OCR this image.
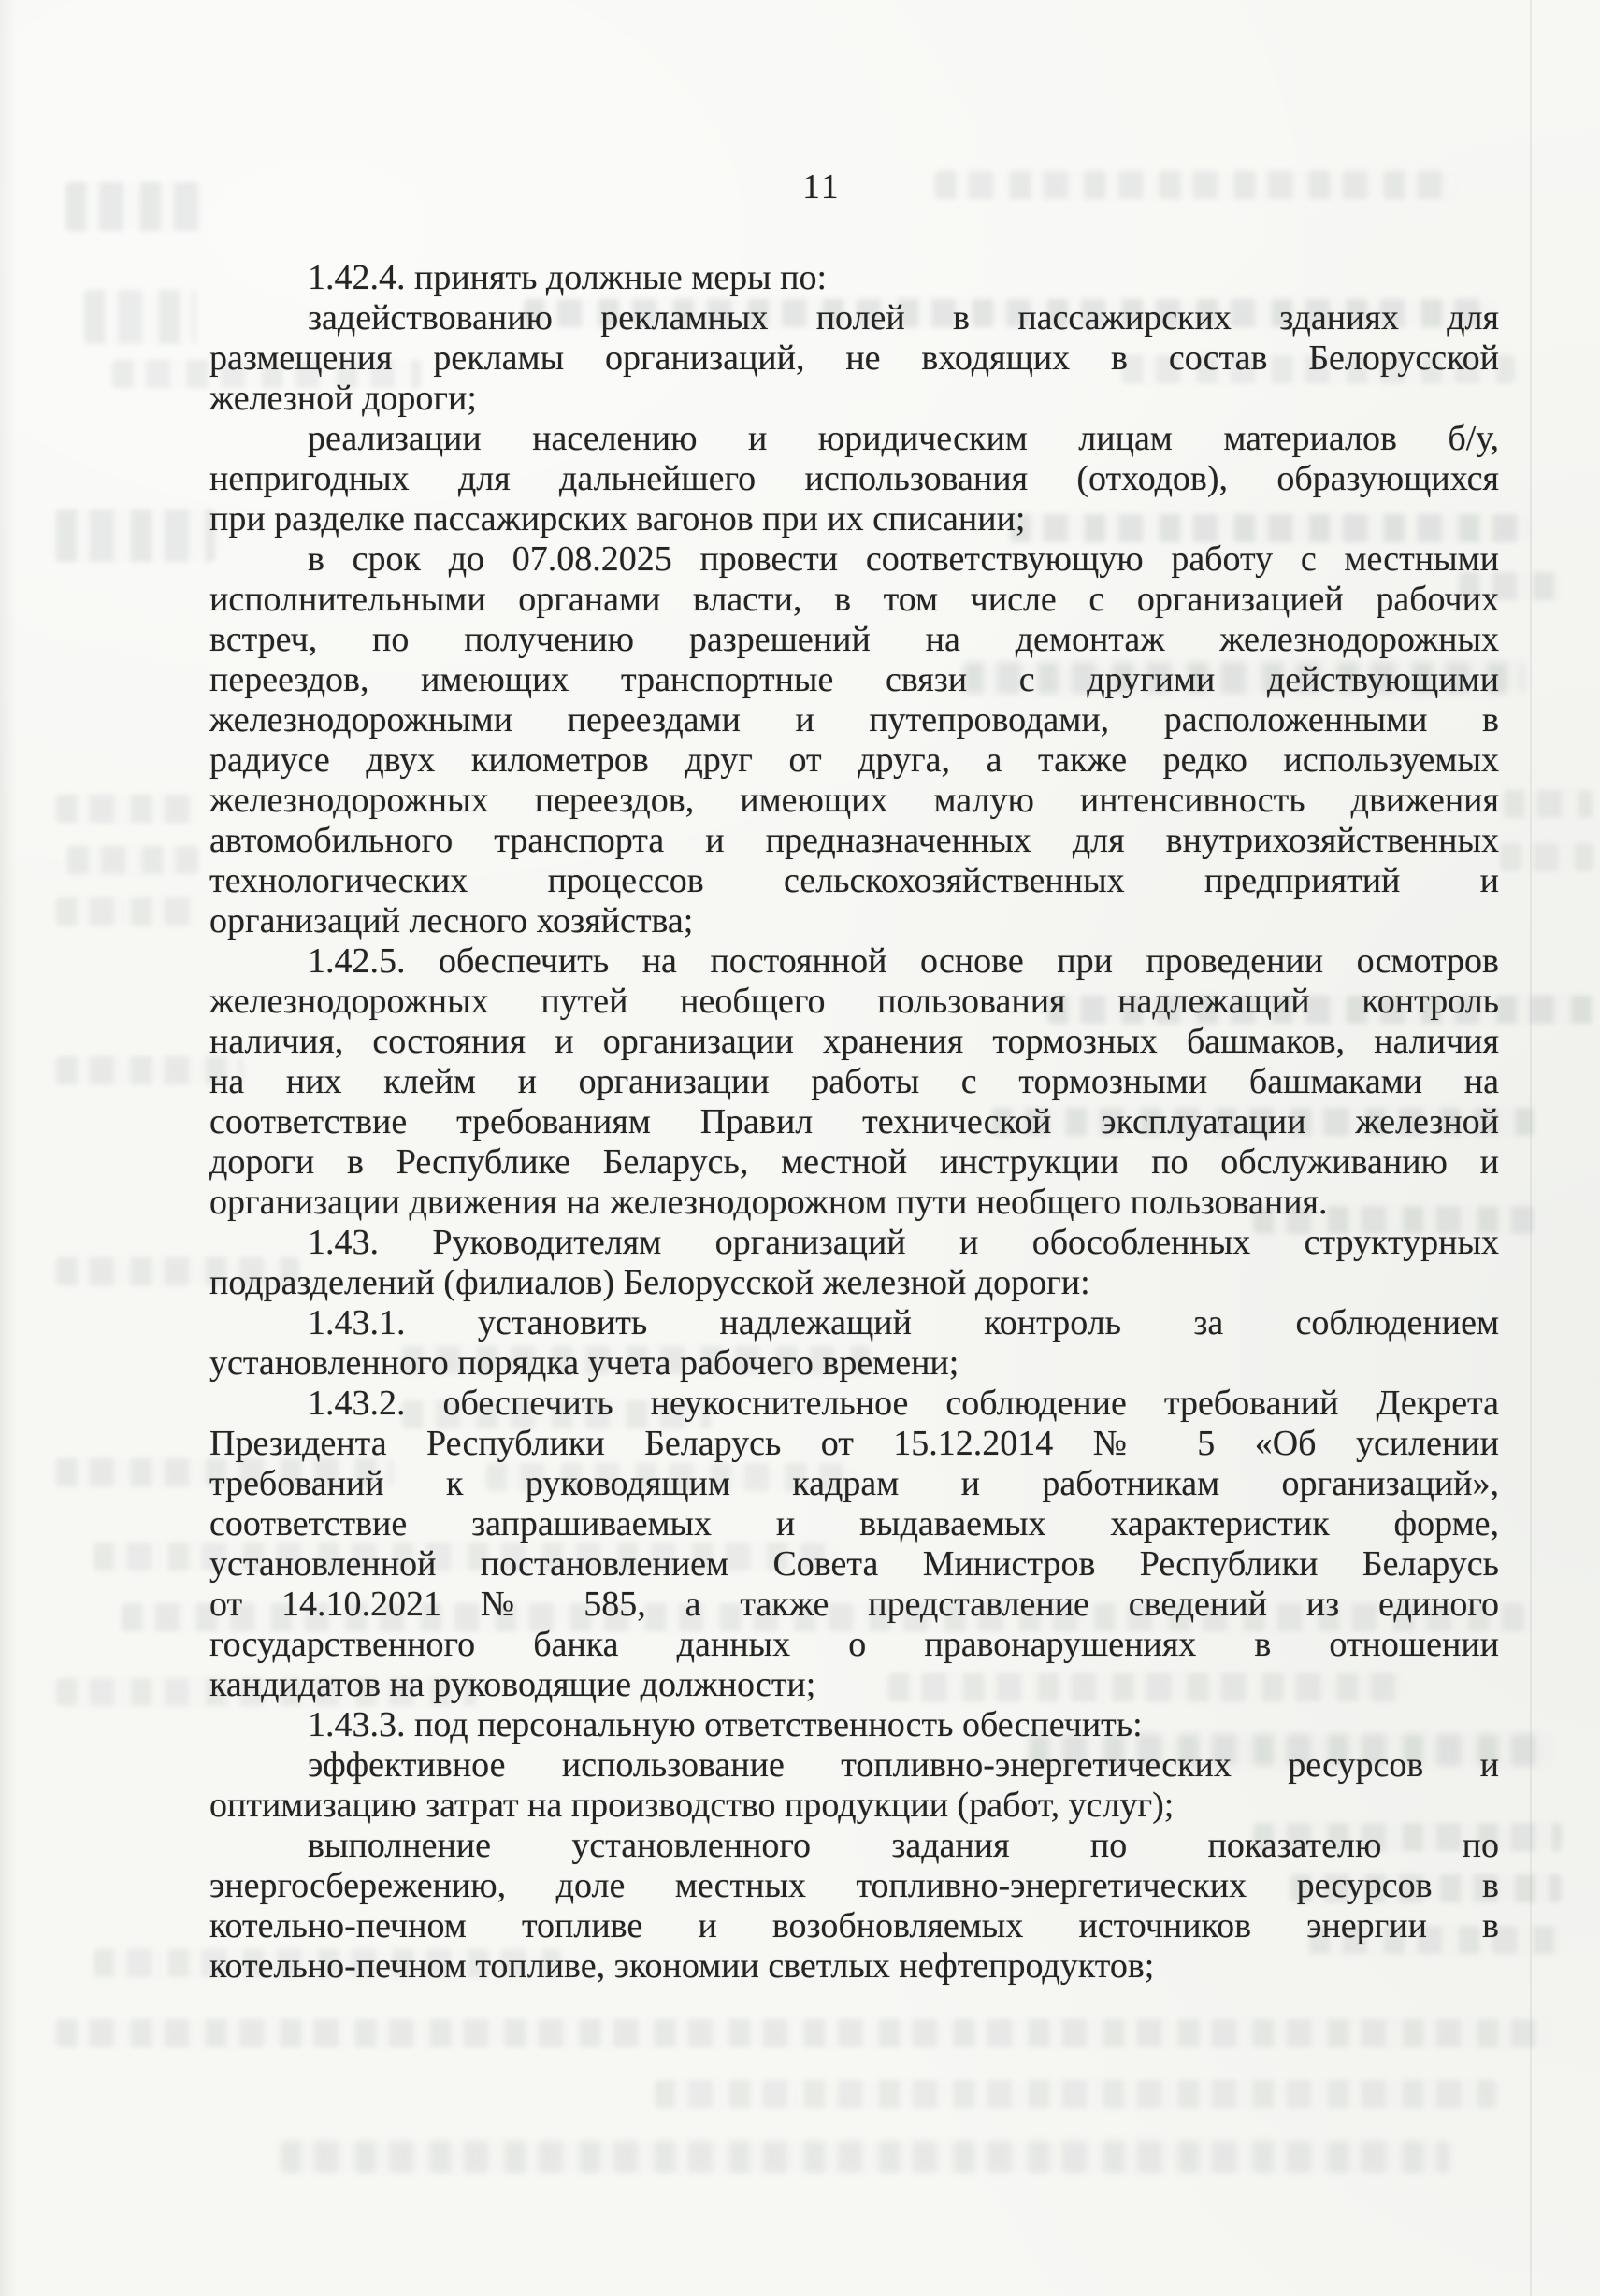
11
1.42.4. принять должные меры по:
задействованию рекламных полей в пассажирских зданиях для
размещения рекламы организаций, не входящих в состав Белорусской
железной дороги;
реализации населению и юридическим лицам материалов б/у,
непригодных для дальнейшего использования (отходов), образующихся
при разделке пассажирских вагонов при их списании;
в срок до 07.08.2025 провести соответствующую работу с местными
исполнительными органами власти, в том числе с организацией рабочих
встреч, по получению разрешений на демонтаж железнодорожных
переездов, имеющих транспортные связи с другими действующими
железнодорожными переездами и путепроводами, расположенными в
радиусе двух километров друг от друга, а также редко используемых
железнодорожных переездов, имеющих малую интенсивность движения
автомобильного транспорта и предназначенных для внутрихозяйственных
технологических процессов сельскохозяйственных предприятий и
организаций лесного хозяйства;
1.42.5. обеспечить на постоянной основе при проведении осмотров
железнодорожных путей необщего пользования надлежащий контроль
наличия, состояния и организации хранения тормозных башмаков, наличия
на них клейм и организации работы с тормозными башмаками на
соответствие требованиям Правил технической эксплуатации железной
дороги в Республике Беларусь, местной инструкции по обслуживанию и
организации движения на железнодорожном пути необщего пользования.
1.43. Руководителям организаций и обособленных структурных
подразделений (филиалов) Белорусской железной дороги:
1.43.1. установить надлежащий контроль за соблюдением
установленного порядка учета рабочего времени;
1.43.2. обеспечить неукоснительное соблюдение требований Декрета
Президента Республики Беларусь от 15.12.2014 № 5 «Об усилении
требований к руководящим кадрам и работникам организаций»,
соответствие запрашиваемых и выдаваемых характеристик форме,
установленной постановлением Совета Министров Республики Беларусь
от 14.10.2021 № 585, а также представление сведений из единого
государственного банка данных о правонарушениях в отношении
кандидатов на руководящие должности;
1.43.3. под персональную ответственность обеспечить:
эффективное использование топливно-энергетических ресурсов и
оптимизацию затрат на производство продукции (работ, услуг);
выполнение установленного задания по показателю по
энергосбережению, доле местных топливно-энергетических ресурсов в
котельно-печном топливе и возобновляемых источников энергии в
котельно-печном топливе, экономии светлых нефтепродуктов;
